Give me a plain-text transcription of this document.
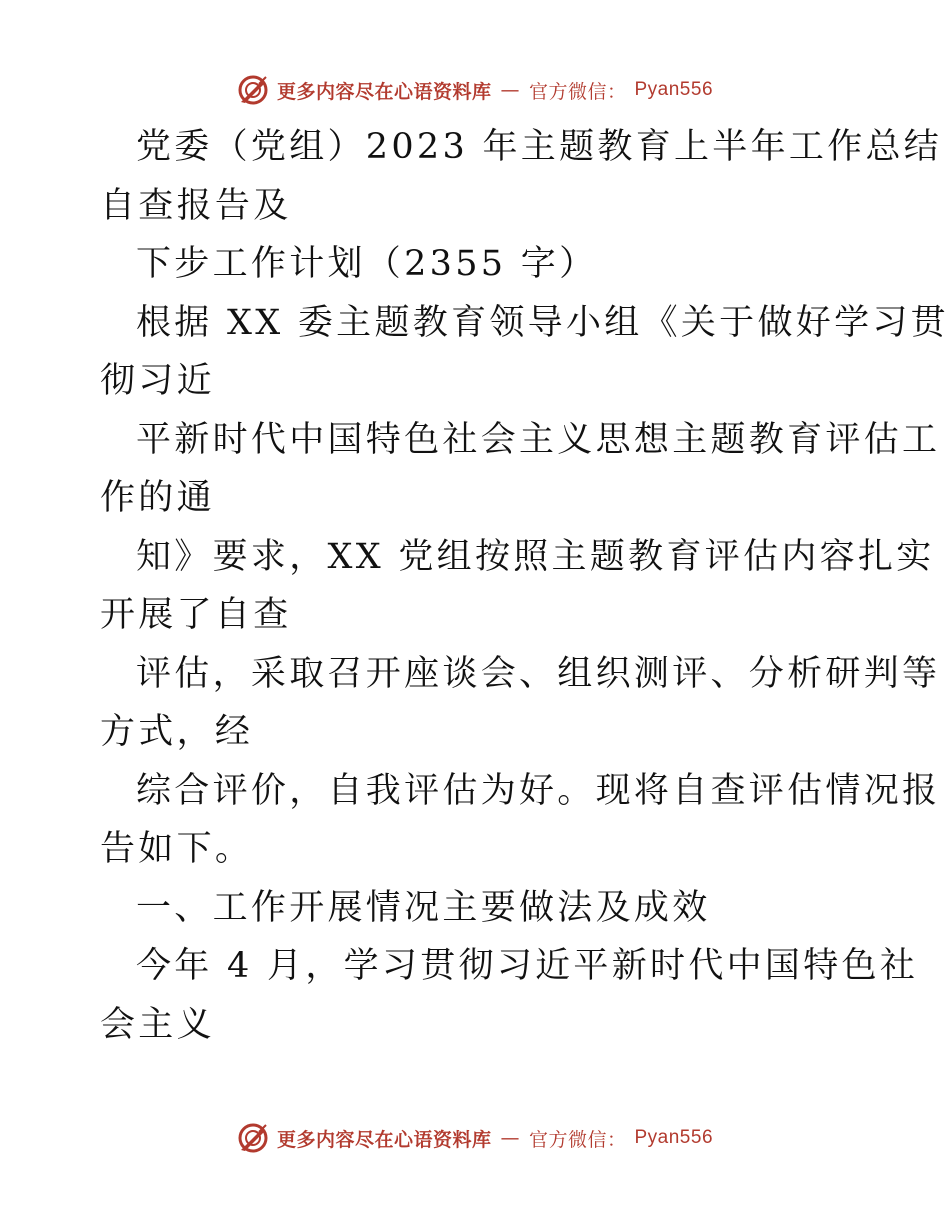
更多内容尽在心语资料库 — 官方微信： Pyan556
党委（党组）2023 年主题教育上半年工作总结
自查报告及
下步工作计划（2355 字）
根据 XX 委主题教育领导小组《关于做好学习贯
彻习近
平新时代中国特色社会主义思想主题教育评估工
作的通
知》要求，XX 党组按照主题教育评估内容扎实
开展了自查
评估，采取召开座谈会、组织测评、分析研判等
方式，经
综合评价，自我评估为好。现将自查评估情况报
告如下。
一、工作开展情况主要做法及成效
今年 4 月，学习贯彻习近平新时代中国特色社
会主义
更多内容尽在心语资料库 — 官方微信： Pyan556
